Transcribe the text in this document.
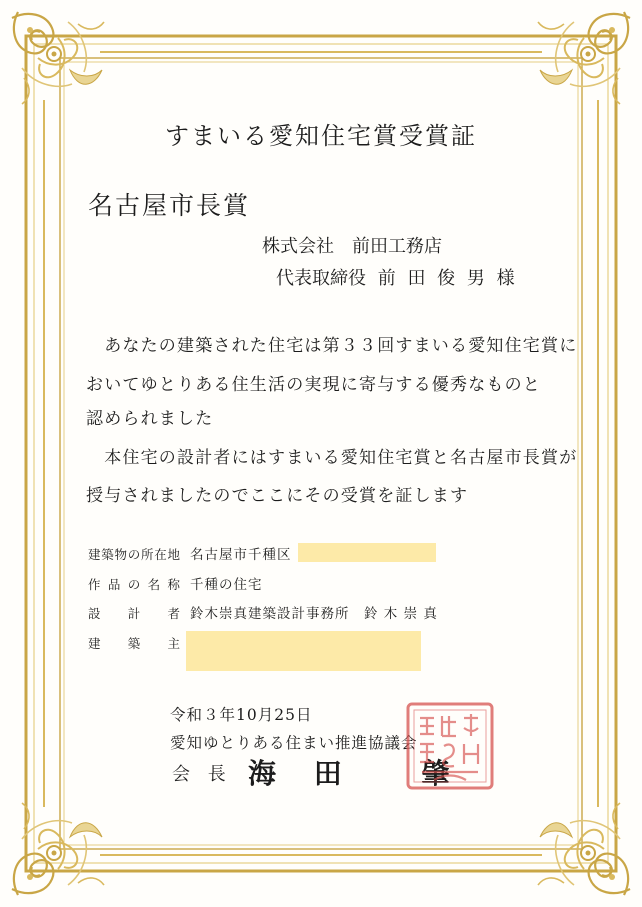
すまいる愛知住宅賞受賞証
名古屋市長賞
株式会社　前田工務店
代表取締役 前 田 俊 男 様
　あなたの建築された住宅は第３３回すまいる愛知住宅賞に
おいてゆとりある住生活の実現に寄与する優秀なものと
認められました
　本住宅の設計者にはすまいる愛知住宅賞と名古屋市長賞が
授与されましたのでここにその受賞を証します
建築物の所在地 名古屋市千種区
作品の名称 千種の住宅
設計者 鈴木崇真建築設計事務所　鈴 木 崇 真
建築主
令和３年10月25日
愛知ゆとりある住まい推進協議会
会 長 海 田　 肇
